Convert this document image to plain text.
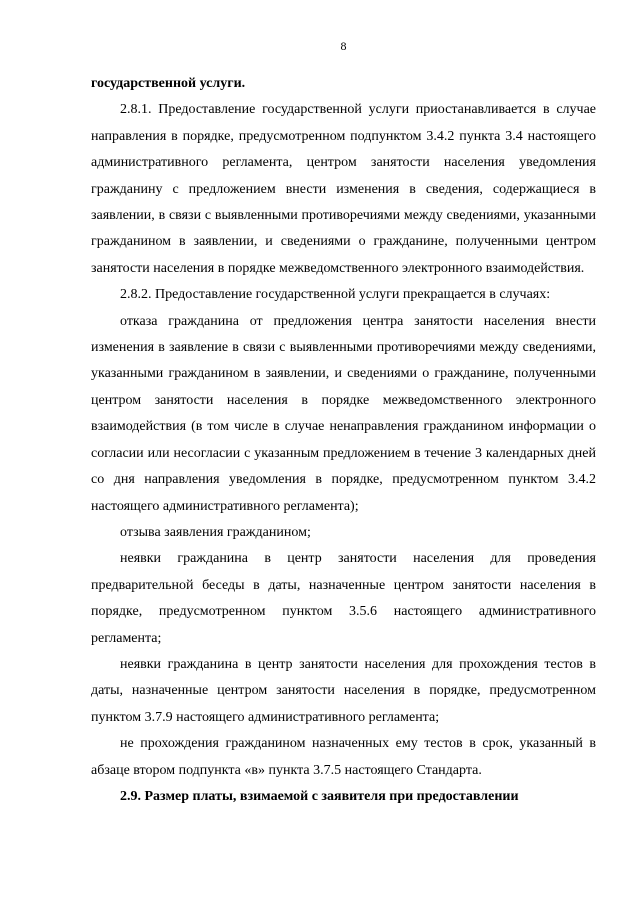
8

государственной услуги.

2.8.1. Предоставление государственной услуги приостанавливается в случае направления в порядке, предусмотренном подпунктом 3.4.2 пункта 3.4 настоящего административного регламента, центром занятости населения уведомления гражданину с предложением внести изменения в сведения, содержащиеся в заявлении, в связи с выявленными противоречиями между сведениями, указанными гражданином в заявлении, и сведениями о гражданине, полученными центром занятости населения в порядке межведомственного электронного взаимодействия.

2.8.2. Предоставление государственной услуги прекращается в случаях:

отказа гражданина от предложения центра занятости населения внести изменения в заявление в связи с выявленными противоречиями между сведениями, указанными гражданином в заявлении, и сведениями о гражданине, полученными центром занятости населения в порядке межведомственного электронного взаимодействия (в том числе в случае ненаправления гражданином информации о согласии или несогласии с указанным предложением в течение 3 календарных дней со дня направления уведомления в порядке, предусмотренном пунктом 3.4.2 настоящего административного регламента);

отзыва заявления гражданином;

неявки гражданина в центр занятости населения для проведения предварительной беседы в даты, назначенные центром занятости населения в порядке, предусмотренном пунктом 3.5.6 настоящего административного регламента;

неявки гражданина в центр занятости населения для прохождения тестов в даты, назначенные центром занятости населения в порядке, предусмотренном пунктом 3.7.9 настоящего административного регламента;

не прохождения гражданином назначенных ему тестов в срок, указанный в абзаце втором подпункта «в» пункта 3.7.5 настоящего Стандарта.

2.9. Размер платы, взимаемой с заявителя при предоставлении
